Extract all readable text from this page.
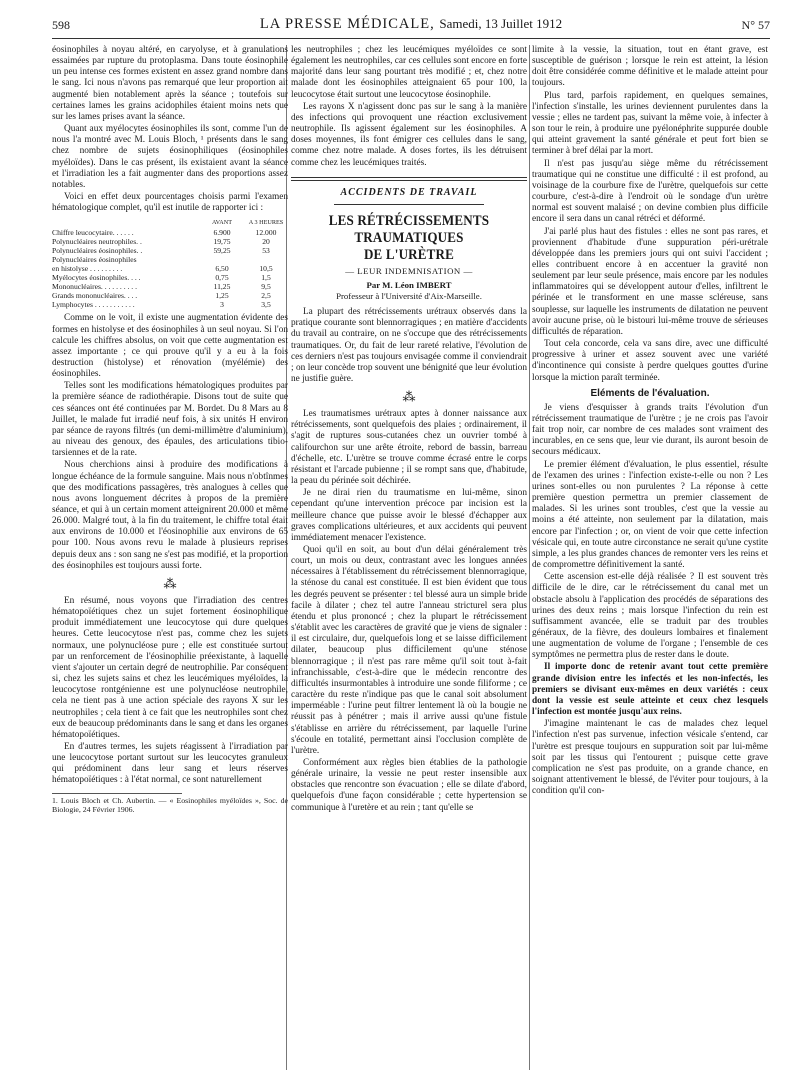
598	LA PRESSE MÉDICALE, Samedi, 13 Juillet 1912	N° 57

éosinophiles à noyau altéré, en caryolyse, et à granulations essaimées par rupture du protoplasma. Dans toute éosinophile un peu intense ces formes existent en assez grand nombre dans le sang. Ici nous n'avons pas remarqué que leur proportion ait augmenté bien notablement après la séance ; toutefois sur certaines lames les grains acidophiles étaient moins nets que sur les lames prises avant la séance.

Quant aux myélocytes éosinophiles ils sont, comme l'un de nous l'a montré avec M. Louis Bloch, ¹ présents dans le sang chez nombre de sujets éosinophiliques (éosinophiles myéloïdes). Dans le cas présent, ils existaient avant la séance et l'irradiation les a fait augmenter dans des proportions assez notables.

Voici en effet deux pourcentages choisis parmi l'examen hématologique complet, qu'il est inutile de rapporter ici :

	AVANT	A 3 HEURES
Chiffre leucocytaire. . . . . .	6.900	12.000
Polynucléaires neutrophiles. .	19,75	20
Polynucléaires éosinophiles. .	59,25	53
Polynucléaires éosinophiles		
en histolyse . . . . . . . . .	6,50	10,5
Myélocytes éosinophiles. . . .	0,75	1,5
Mononucléaires. . . . . . . . . .	11,25	9,5
Grands mononucléaires. . . .	1,25	2,5
Lymphocytes . . . . . . . . . . .	3	3,5

Comme on le voit, il existe une augmentation évidente des formes en histolyse et des éosinophiles à un seul noyau. Si l'on calcule les chiffres absolus, on voit que cette augmentation est assez importante ; ce qui prouve qu'il y a eu à la fois destruction (histolyse) et rénovation (myélémie) des éosinophiles.

Telles sont les modifications hématologiques produites par la première séance de radiothérapie. Disons tout de suite que ces séances ont été continuées par M. Bordet. Du 8 Mars au 8 Juillet, le malade fut irradié neuf fois, à six unités H environ par séance de rayons filtrés (un demi-millimètre d'aluminium), au niveau des genoux, des épaules, des articulations tibio-tarsiennes et de la rate.

Nous cherchions ainsi à produire des modifications à longue échéance de la formule sanguine. Mais nous n'obtînmes que des modifications passagères, très analogues à celles que nous avons longuement décrites à propos de la première séance, et qui à un certain moment atteignirent 20.000 et même 26.000. Malgré tout, à la fin du traitement, le chiffre total était aux environs de 10.000 et l'éosinophilie aux environs de 65 pour 100. Nous avons revu le malade à plusieurs reprises depuis deux ans : son sang ne s'est pas modifié, et la proportion des éosinophiles est toujours aussi forte.

⁂

En résumé, nous voyons que l'irradiation des centres hématopoïétiques chez un sujet fortement éosinophilique produit immédiatement une leucocytose qui dure quelques heures. Cette leucocytose n'est pas, comme chez les sujets normaux, une polynucléose pure ; elle est constituée surtout par un renforcement de l'éosinophilie préexistante, à laquelle vient s'ajouter un certain degré de neutrophilie. Par conséquent si, chez les sujets sains et chez les leucémiques myéloïdes, la leucocytose rontgénienne est une polynucléose neutrophile, cela ne tient pas à une action spéciale des rayons X sur les neutrophiles ; cela tient à ce fait que les neutrophiles sont chez eux de beaucoup prédominants dans le sang et dans les organes hématopoïétiques.

En d'autres termes, les sujets réagissent à l'irradiation par une leucocytose portant surtout sur les leucocytes granuleux qui prédominent dans leur sang et leurs réserves hématopoïétiques : à l'état normal, ce sont naturellement

1. Louis Bloch et Ch. Aubertin. — « Eosinophiles myéloïdes », Soc. de Biologie, 24 Février 1906.

les neutrophiles ; chez les leucémiques myéloïdes ce sont également les neutrophiles, car ces cellules sont encore en forte majorité dans leur sang pourtant très modifié ; et, chez notre malade dont les éosinophiles atteignaient 65 pour 100, la leucocytose était surtout une leucocytose éosinophile.

Les rayons X n'agissent donc pas sur le sang à la manière des infections qui provoquent une réaction exclusivement neutrophile. Ils agissent également sur les éosinophiles. A doses moyennes, ils font émigrer ces cellules dans le sang, comme chez notre malade. A doses fortes, ils les détruisent comme chez les leucémiques traités.

ACCIDENTS DE TRAVAIL
LES RÉTRÉCISSEMENTS TRAUMATIQUES
DE L'URÈTRE
— LEUR INDEMNISATION —
Par M. Léon IMBERT
Professeur à l'Université d'Aix-Marseille.

La plupart des rétrécissements urétraux observés dans la pratique courante sont blennorragiques ; en matière d'accidents du travail au contraire, on ne s'occupe que des rétrécissements traumatiques. Or, du fait de leur rareté relative, l'évolution de ces derniers n'est pas toujours envisagée comme il conviendrait ; on leur concède trop souvent une bénignité que leur évolution ne justifie guère.

⁂

Les traumatismes urétraux aptes à donner naissance aux rétrécissements, sont quelquefois des plaies ; ordinairement, il s'agit de ruptures sous-cutanées chez un ouvrier tombé à califourchon sur une arête étroite, rebord de bassin, barreau d'échelle, etc. L'urètre se trouve comme écrasé entre le corps résistant et l'arcade pubienne ; il se rompt sans que, d'habitude, la peau du périnée soit déchirée.

Je ne dirai rien du traumatisme en lui-même, sinon cependant qu'une intervention précoce par incision est la meilleure chance que puisse avoir le blessé d'échapper aux graves complications ultérieures, et aux accidents qui peuvent immédiatement menacer l'existence.

Quoi qu'il en soit, au bout d'un délai généralement très court, un mois ou deux, contrastant avec les longues années nécessaires à l'établissement du rétrécissement blennorragique, la sténose du canal est constituée. Il est bien évident que tous les degrés peuvent se présenter : tel blessé aura un simple bride facile à dilater ; chez tel autre l'anneau stricturel sera plus étendu et plus prononcé ; chez la plupart le rétrécissement s'établit avec les caractères de gravité que je viens de signaler : il est circulaire, dur, quelquefois long et se laisse difficilement dilater, beaucoup plus difficilement qu'une sténose blennorragique ; il n'est pas rare même qu'il soit tout à-fait infranchissable, c'est-à-dire que le médecin rencontre des difficultés insurmontables à introduire une sonde filiforme ; ce caractère du reste n'indique pas que le canal soit absolument imperméable : l'urine peut filtrer lentement là où la bougie ne réussit pas à pénétrer ; mais il arrive aussi qu'une fistule s'établisse en arrière du rétrécissement, par laquelle l'urine s'écoule en totalité, permettant ainsi l'occlusion complète de l'urètre.

Conformément aux règles bien établies de la pathologie générale urinaire, la vessie ne peut rester insensible aux obstacles que rencontre son évacuation ; elle se dilate d'abord, quelquefois d'une façon considérable ; cette hypertension se communique à l'uretère et au rein ; tant qu'elle se

limite à la vessie, la situation, tout en étant grave, est susceptible de guérison ; lorsque le rein est atteint, la lésion doit être considérée comme définitive et le malade atteint pour toujours.

Plus tard, parfois rapidement, en quelques semaines, l'infection s'installe, les urines deviennent purulentes dans la vessie ; elles ne tardent pas, suivant la même voie, à infecter à son tour le rein, à produire une pyélonéphrite suppurée double qui atteint gravement la santé générale et peut fort bien se terminer à bref délai par la mort.

Il n'est pas jusqu'au siège même du rétrécissement traumatique qui ne constitue une difficulté : il est profond, au voisinage de la courbure fixe de l'urètre, quelquefois sur cette courbure, c'est-à-dire à l'endroit où le sondage d'un urètre normal est souvent malaisé ; on devine combien plus difficile encore il sera dans un canal rétréci et déformé.

J'ai parlé plus haut des fistules : elles ne sont pas rares, et proviennent d'habitude d'une suppuration péri-urétrale développée dans les premiers jours qui ont suivi l'accident ; elles contribuent encore à en accentuer la gravité non seulement par leur seule présence, mais encore par les nodules inflammatoires qui se développent autour d'elles, infiltrent le périnée et le transforment en une masse scléreuse, sans souplesse, sur laquelle les instruments de dilatation ne peuvent avoir aucune prise, où le bistouri lui-même trouve de sérieuses difficultés de réparation.

Tout cela concorde, cela va sans dire, avec une difficulté progressive à uriner et assez souvent avec une variété d'incontinence qui consiste à perdre quelques gouttes d'urine lorsque la miction paraît terminée.

Eléments de l'évaluation.

Je viens d'esquisser à grands traits l'évolution d'un rétrécissement traumatique de l'urètre ; je ne crois pas l'avoir fait trop noir, car nombre de ces malades sont vraiment des incurables, en ce sens que, leur vie durant, ils auront besoin de secours médicaux.

Le premier élément d'évaluation, le plus essentiel, résulte de l'examen des urines : l'infection existe-t-elle ou non ? Les urines sont-elles ou non purulentes ? La réponse à cette première question permettra un premier classement de malades. Si les urines sont troubles, c'est que la vessie au moins a été atteinte, non seulement par la dilatation, mais encore par l'infection ; or, on vient de voir que cette infection vésicale qui, en toute autre circonstance ne serait qu'une cystite simple, a les plus grandes chances de remonter vers les reins et de compromettre définitivement la santé.

Cette ascension est-elle déjà réalisée ? Il est souvent très difficile de le dire, car le rétrécissement du canal met un obstacle absolu à l'application des procédés de séparations des urines des deux reins ; mais lorsque l'infection du rein est suffisamment avancée, elle se traduit par des troubles généraux, de la fièvre, des douleurs lombaires et finalement une augmentation de volume de l'organe ; l'ensemble de ces symptômes ne permettra plus de rester dans le doute.

Il importe donc de retenir avant tout cette première grande division entre les infectés et les non-infectés, les premiers se divisant eux-mêmes en deux variétés : ceux dont la vessie est seule atteinte et ceux chez lesquels l'infection est montée jusqu'aux reins.

J'imagine maintenant le cas de malades chez lequel l'infection n'est pas survenue, infection vésicale s'entend, car l'urètre est presque toujours en suppuration soit par lui-même soit par les tissus qui l'entourent ; puisque cette grave complication ne s'est pas produite, on a grande chance, en soignant attentivement le blessé, de l'éviter pour toujours, à la condition qu'il con-
